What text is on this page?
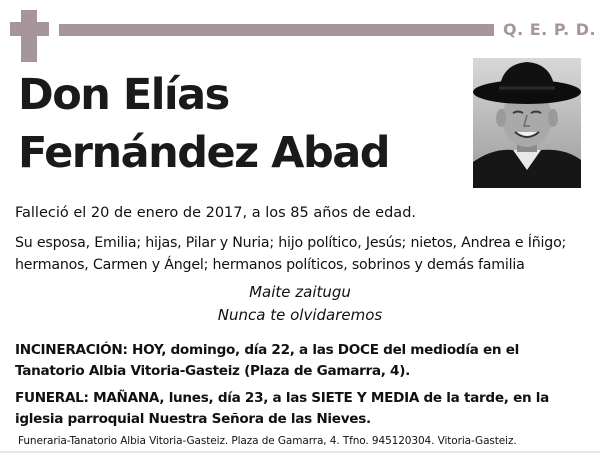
Q. E. P. D.
Don Elías
Fernández Abad
Falleció el 20 de enero de 2017, a los 85 años de edad.
Su esposa, Emilia; hijas, Pilar y Nuria; hijo político, Jesús; nietos, Andrea e Íñigo;
hermanos, Carmen y Ángel; hermanos políticos, sobrinos y demás familia
Maite zaitugu
Nunca te olvidaremos
INCINERACIÓN: HOY, domingo, día 22, a las DOCE del mediodía en el
Tanatorio Albia Vitoria-Gasteiz (Plaza de Gamarra, 4).
FUNERAL: MAÑANA, lunes, día 23, a las SIETE Y MEDIA de la tarde, en la
iglesia parroquial Nuestra Señora de las Nieves.
Funeraria-Tanatorio Albia Vitoria-Gasteiz. Plaza de Gamarra, 4. Tfno. 945120304. Vitoria-Gasteiz.
